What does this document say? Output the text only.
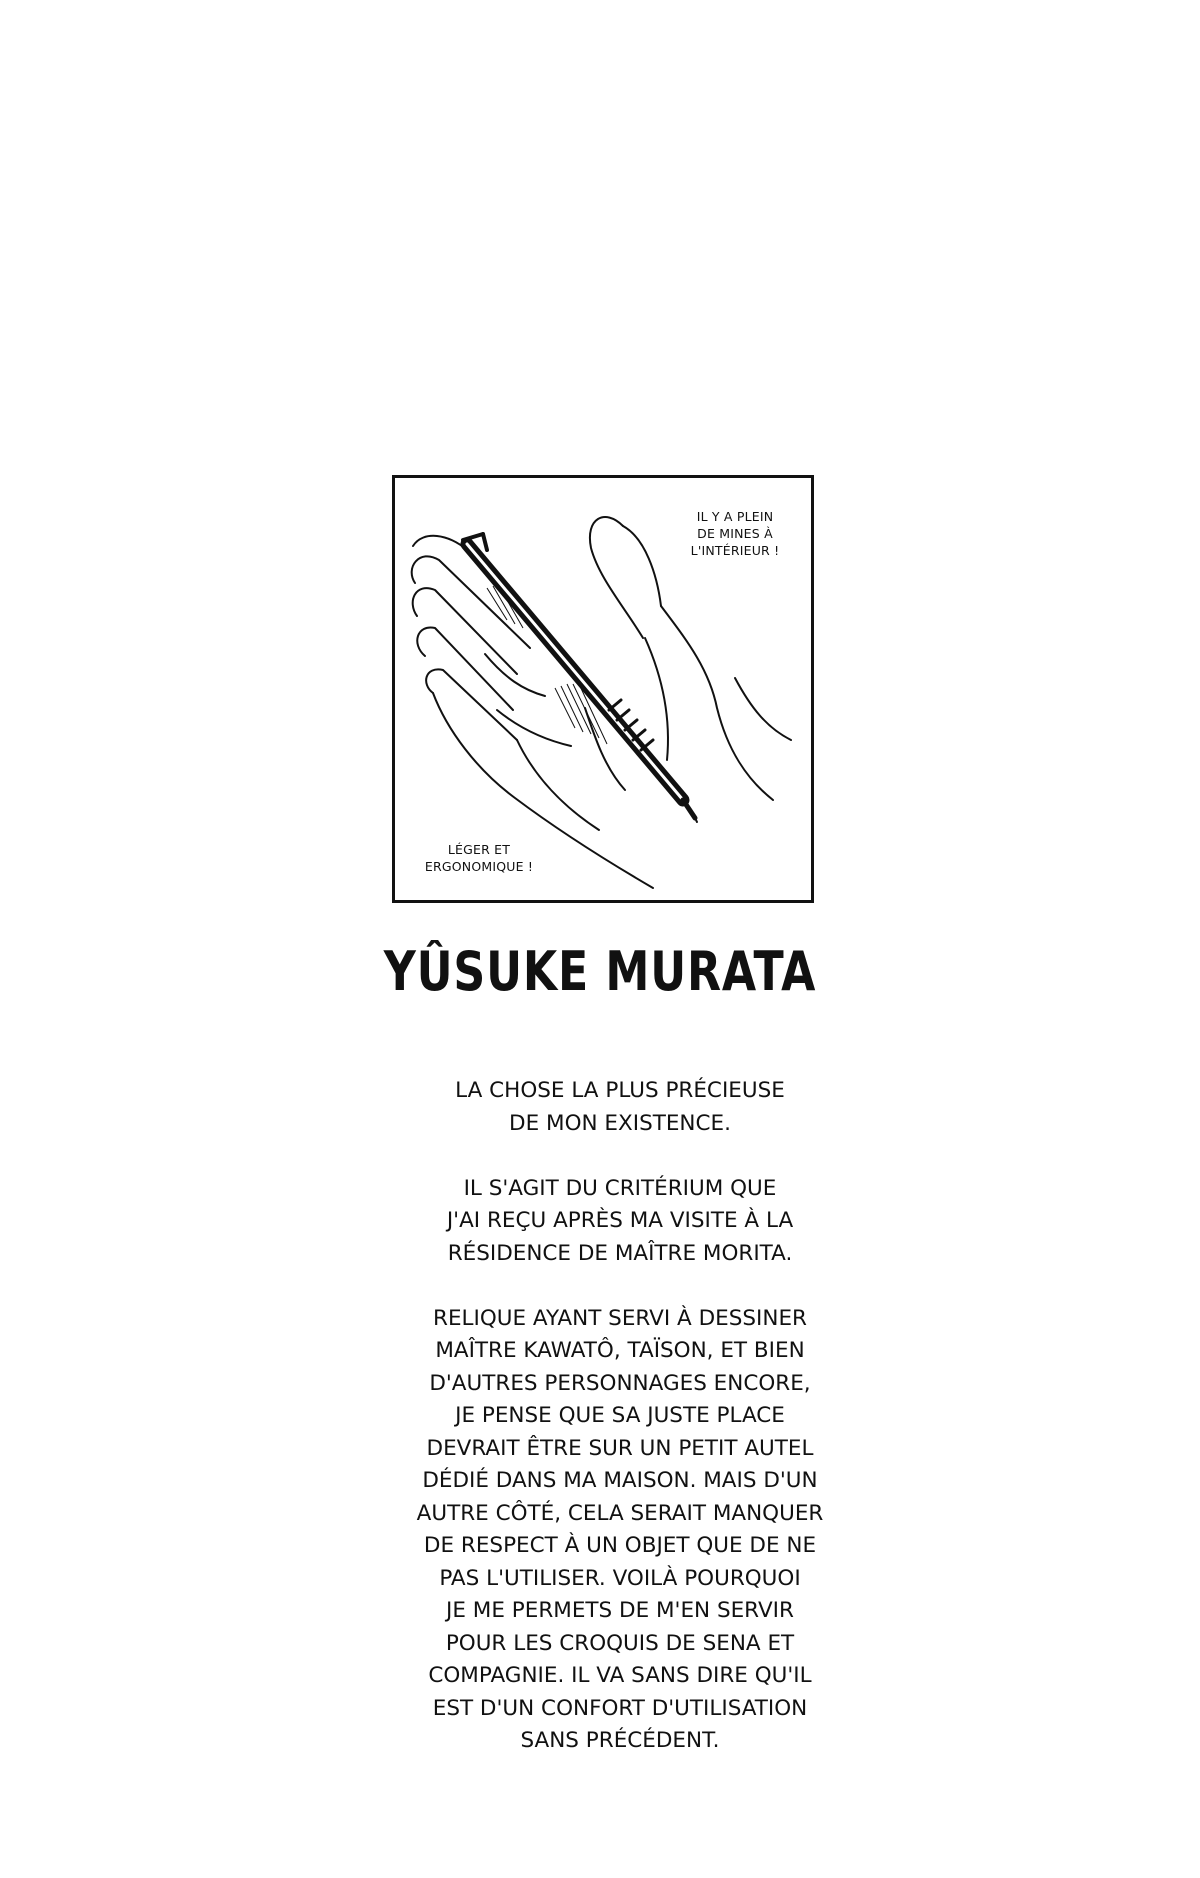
IL Y A PLEIN
DE MINES À
L'INTÉRIEUR !
LÉGER ET
ERGONOMIQUE !
YÛSUKE MURATA

LA CHOSE LA PLUS PRÉCIEUSE
DE MON EXISTENCE.

IL S'AGIT DU CRITÉRIUM QUE
J'AI REÇU APRÈS MA VISITE À LA
RÉSIDENCE DE MAÎTRE MORITA.

RELIQUE AYANT SERVI À DESSINER
MAÎTRE KAWATÔ, TAÏSON, ET BIEN
D'AUTRES PERSONNAGES ENCORE,
JE PENSE QUE SA JUSTE PLACE
DEVRAIT ÊTRE SUR UN PETIT AUTEL
DÉDIÉ DANS MA MAISON. MAIS D'UN
AUTRE CÔTÉ, CELA SERAIT MANQUER
DE RESPECT À UN OBJET QUE DE NE
PAS L'UTILISER. VOILÀ POURQUOI
JE ME PERMETS DE M'EN SERVIR
POUR LES CROQUIS DE SENA ET
COMPAGNIE. IL VA SANS DIRE QU'IL
EST D'UN CONFORT D'UTILISATION
SANS PRÉCÉDENT.
